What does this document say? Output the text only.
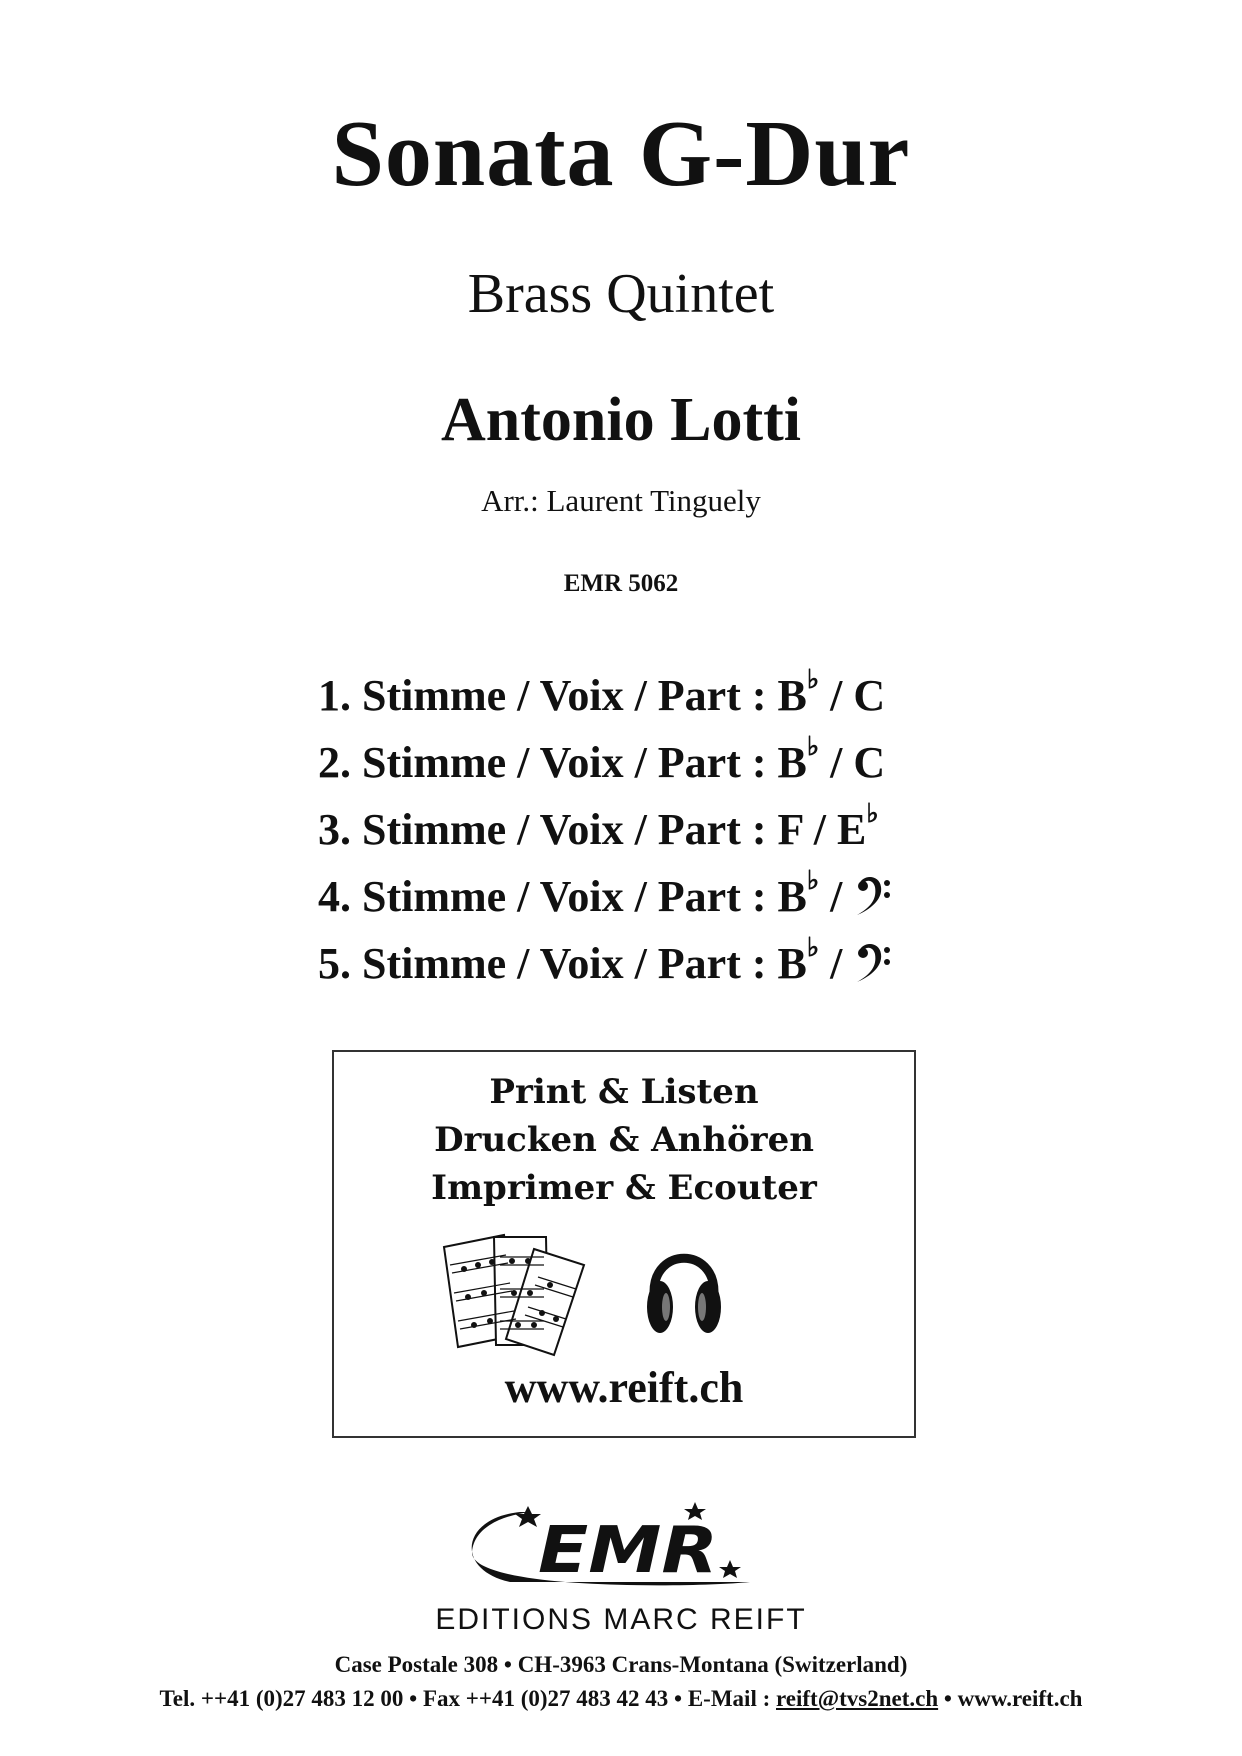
Sonata G-Dur
Brass Quintet
Antonio Lotti
Arr.: Laurent Tinguely
EMR 5062
1. Stimme / Voix / Part : B♭ / C
2. Stimme / Voix / Part : B♭ / C
3. Stimme / Voix / Part : F / E♭
4. Stimme / Voix / Part : B♭ /
5. Stimme / Voix / Part : B♭ /
Print & Listen
Drucken & Anhören
Imprimer & Ecouter
www.reift.ch
EMR
EDITIONS MARC REIFT
Case Postale 308 • CH-3963 Crans-Montana (Switzerland)
Tel. ++41 (0)27 483 12 00 • Fax ++41 (0)27 483 42 43 • E-Mail : reift@tvs2net.ch • www.reift.ch
